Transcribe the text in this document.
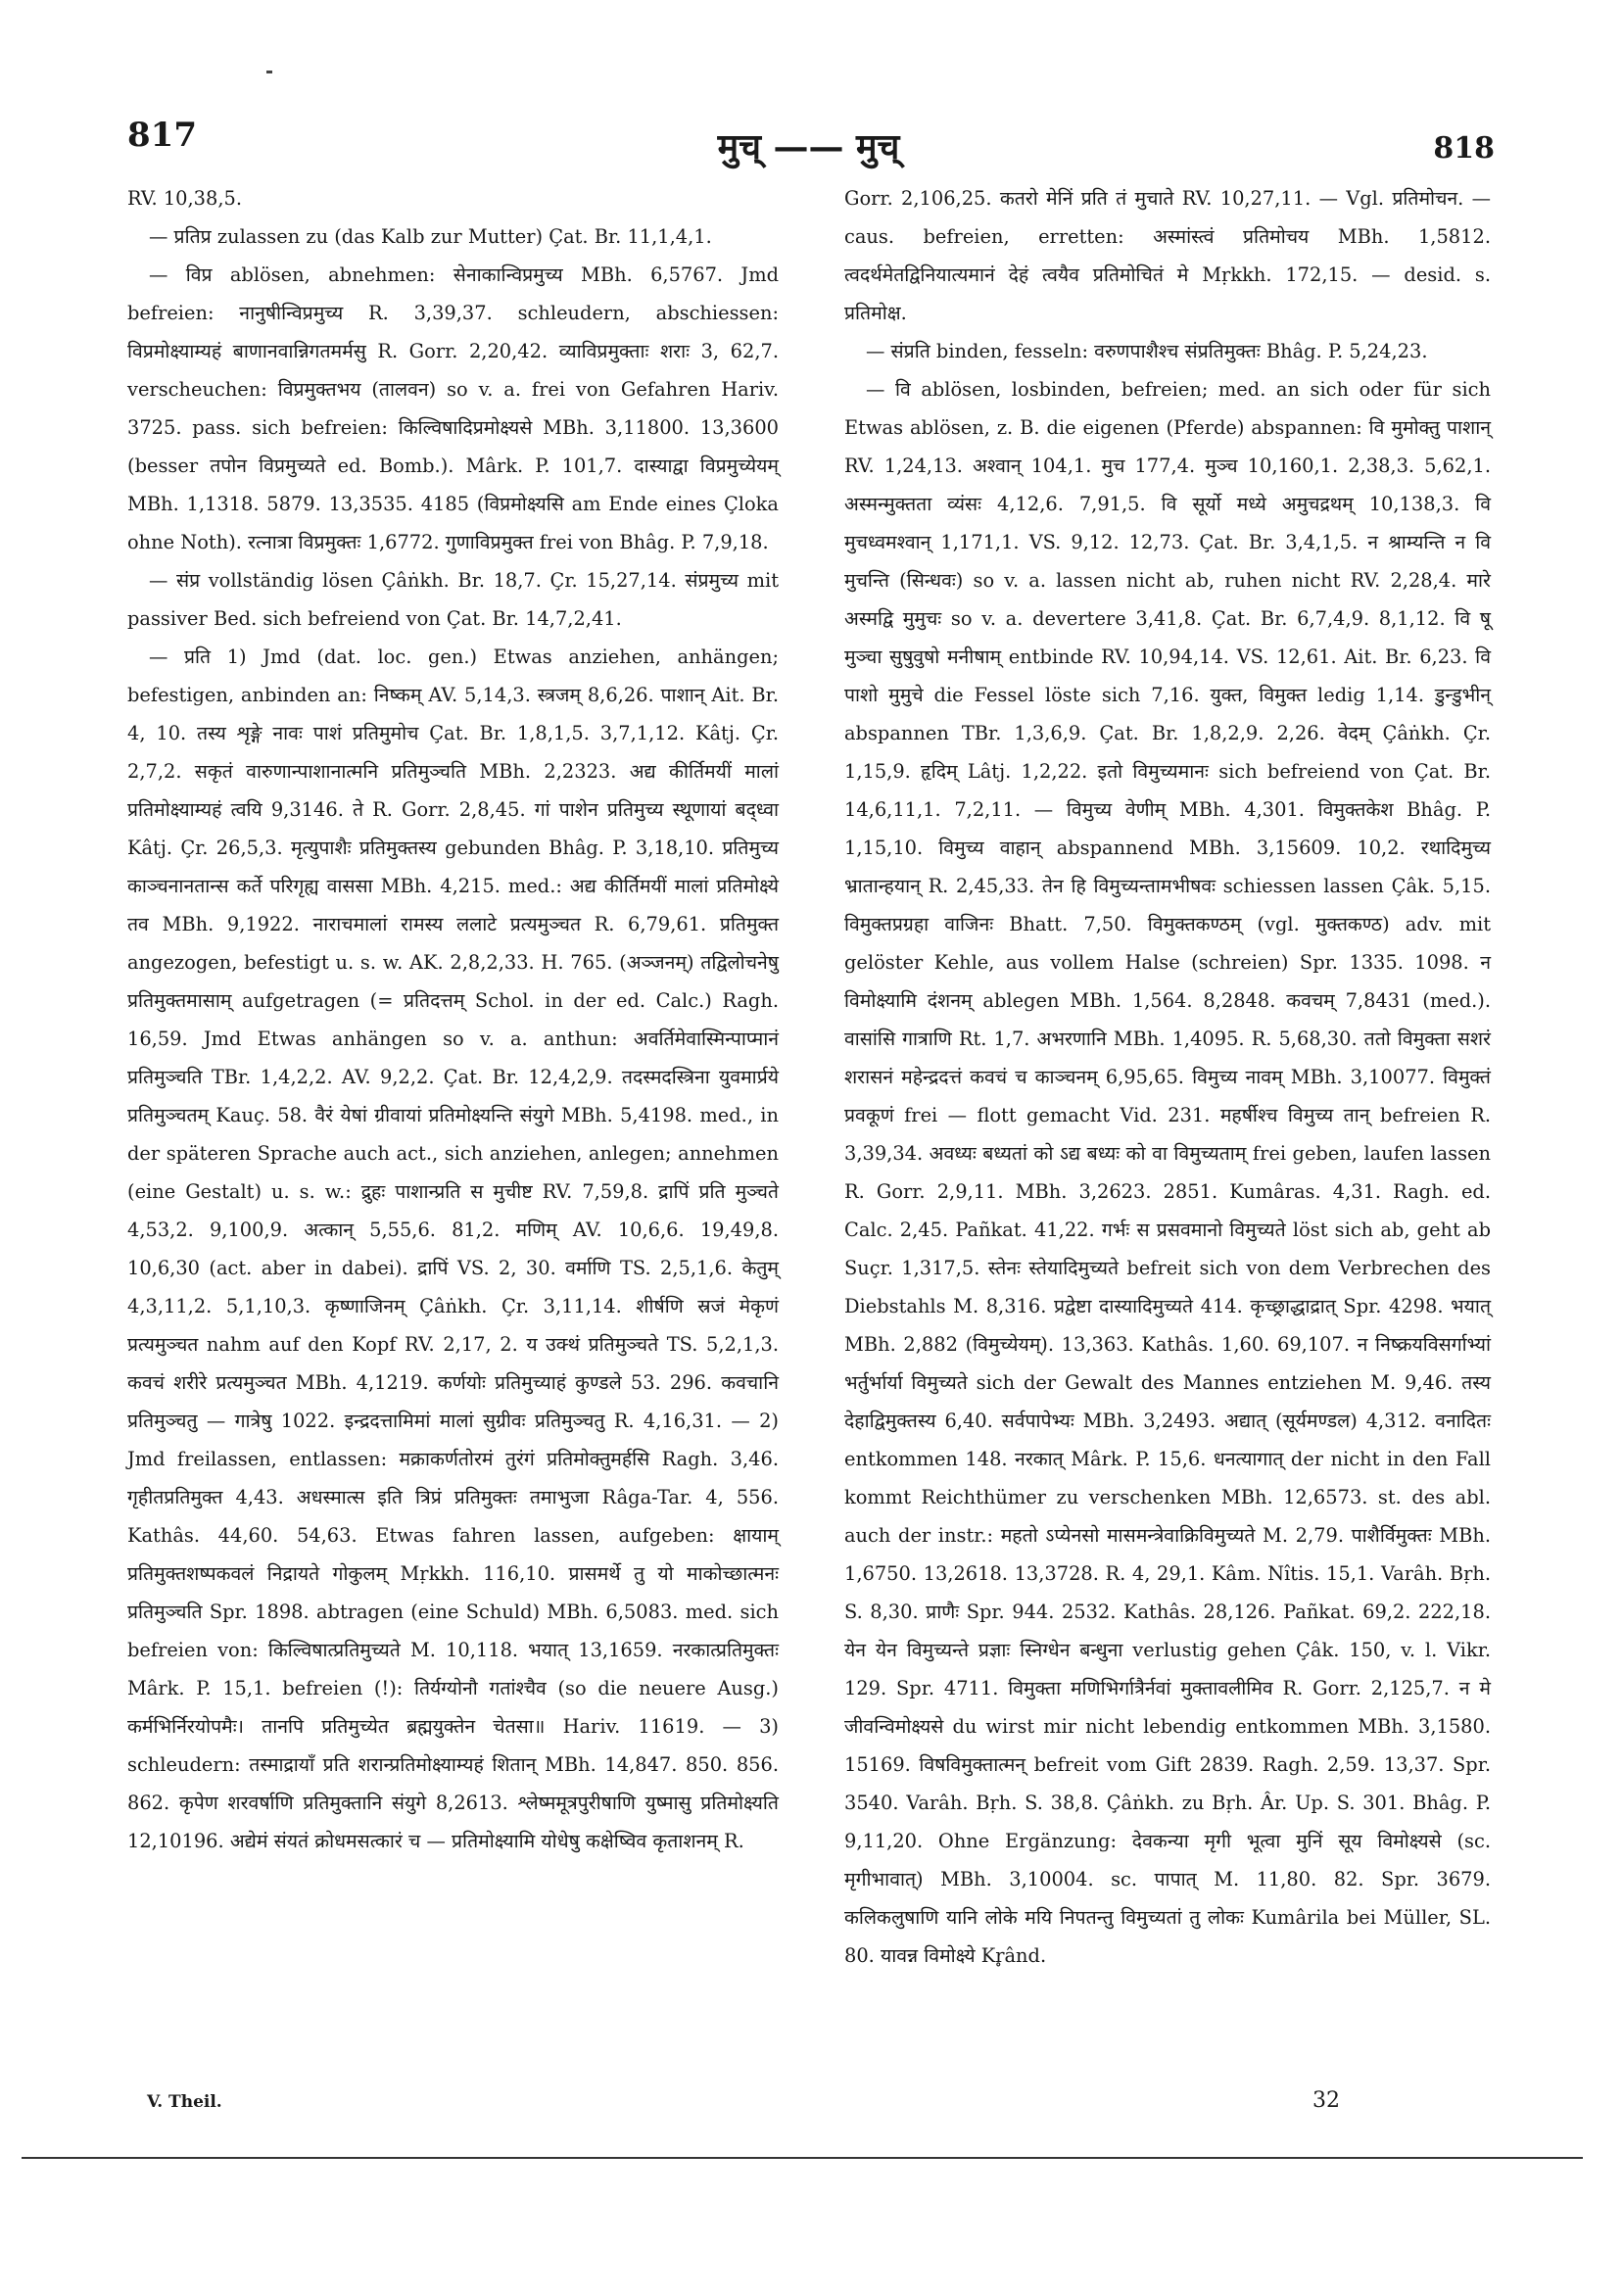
817	मुच् —— मुच्	818

RV. 10,38,5.

— प्रतिप्र zulassen zu (das Kalb zur Mutter) Çat. Br. 11,1,4,1.

— विप्र ablösen, abnehmen: सेनाकान्विप्रमुच्य MBh. 6,5767. Jmd befreien: नानुषीन्विप्रमुच्य R. 3,39,37. schleudern, abschiessen: विप्रमोक्ष्याम्यहं बाणानवान्निगतमर्मसु R. Gorr. 2,20,42. व्याविप्रमुक्ताः शराः 3, 62,7. verscheuchen: विप्रमुक्तभय (तालवन) so v. a. frei von Gefahren Hariv. 3725. pass. sich befreien: किल्विषादिप्रमोक्ष्यसे MBh. 3,11800. 13,3600 (besser तपोन विप्रमुच्यते ed. Bomb.). Mârk. P. 101,7. दास्याद्वा विप्रमुच्येयम् MBh. 1,1318. 5879. 13,3535. 4185 (विप्रमोक्ष्यसि am Ende eines Çloka ohne Noth). रत्नात्रा विप्रमुक्तः 1,6772. गुणाविप्रमुक्त frei von Bhâg. P. 7,9,18.

— संप्र vollständig lösen Çâṅkh. Br. 18,7. Çr. 15,27,14. संप्रमुच्य mit passiver Bed. sich befreiend von Çat. Br. 14,7,2,41.

— प्रति 1) Jmd (dat. loc. gen.) Etwas anziehen, anhängen; befestigen, anbinden an: निष्कम् AV. 5,14,3. स्त्रजम् 8,6,26. पाशान् Ait. Br. 4, 10. तस्य शृङ्गे नावः पाशं प्रतिमुमोच Çat. Br. 1,8,1,5. 3,7,1,12. Kâtj. Çr. 2,7,2. सकृतं वारुणान्पाशानात्मनि प्रतिमुञ्चति MBh. 2,2323. अद्य कीर्तिमयीं मालां प्रतिमोक्ष्याम्यहं त्वयि 9,3146. ते R. Gorr. 2,8,45. गां पाशेन प्रतिमुच्य स्थूणायां बद्ध्वा Kâtj. Çr. 26,5,3. मृत्युपाशैः प्रतिमुक्तस्य gebunden Bhâg. P. 3,18,10. प्रतिमुच्य काञ्चनानतान्स कर्ते परिगृह्य वाससा MBh. 4,215. med.: अद्य कीर्तिमयीं मालां प्रतिमोक्ष्ये तव MBh. 9,1922. नाराचमालां रामस्य ललाटे प्रत्यमुञ्चत R. 6,79,61. प्रतिमुक्त angezogen, befestigt u. s. w. AK. 2,8,2,33. H. 765. (अञ्जनम्) तद्विलोचनेषु प्रतिमुक्तमासाम् aufgetragen (= प्रतिदत्तम् Schol. in der ed. Calc.) Ragh. 16,59. Jmd Etwas anhängen so v. a. anthun: अवर्तिमेवास्मिन्पाप्मानं प्रतिमुञ्चति TBr. 1,4,2,2. AV. 9,2,2. Çat. Br. 12,4,2,9. तदस्मदस्त्रिना युवमार्प्रये प्रतिमुञ्चतम् Kauç. 58. वैरं येषां ग्रीवायां प्रतिमोक्ष्यन्ति संयुगे MBh. 5,4198. med., in der späteren Sprache auch act., sich anziehen, anlegen; annehmen (eine Gestalt) u. s. w.: द्रुहः पाशान्प्रति स मुचीष्ट RV. 7,59,8. द्रापिं प्रति मुञ्चते 4,53,2. 9,100,9. अत्कान् 5,55,6. 81,2. मणिम् AV. 10,6,6. 19,49,8. 10,6,30 (act. aber in dabei). द्रापिं VS. 2, 30. वर्माणि TS. 2,5,1,6. केतुम् 4,3,11,2. 5,1,10,3. कृष्णाजिनम् Çâṅkh. Çr. 3,11,14. शीर्षणि स्रजं मेकृणं प्रत्यमुञ्चत nahm auf den Kopf RV. 2,17, 2. य उक्थं प्रतिमुञ्चते TS. 5,2,1,3. कवचं शरीरे प्रत्यमुञ्चत MBh. 4,1219. कर्णयोः प्रतिमुच्याहं कुण्डले 53. 296. कवचानि प्रतिमुञ्चतु — गात्रेषु 1022. इन्द्रदत्तामिमां मालां सुग्रीवः प्रतिमुञ्चतु R. 4,16,31. — 2) Jmd freilassen, entlassen: मक्राकर्णतोरमं तुरंगं प्रतिमोक्तुमर्हसि Ragh. 3,46. गृहीतप्रतिमुक्त 4,43. अधस्मात्स इति त्रिप्रं प्रतिमुक्तः तमाभुजा Râga-Tar. 4, 556. Kathâs. 44,60. 54,63. Etwas fahren lassen, aufgeben: क्षायाम् प्रतिमुक्तशष्पकवलं निद्रायते गोकुलम् Mṛkkh. 116,10. प्रासमर्थे तु यो माकोच्छात्मनः प्रतिमुञ्चति Spr. 1898. abtragen (eine Schuld) MBh. 6,5083. med. sich befreien von: किल्विषात्प्रतिमुच्यते M. 10,118. भयात् 13,1659. नरकात्प्रतिमुक्तः Mârk. P. 15,1. befreien (!): तिर्यग्योनौ गतांश्चैव (so die neuere Ausg.) कर्मभिर्निरयोपमैः। तानपि प्रतिमुच्येत ब्रह्मयुक्तेन चेतसा॥ Hariv. 11619. — 3) schleudern: तस्माद्रायाँ प्रति शरान्प्रतिमोक्ष्याम्यहं शितान् MBh. 14,847. 850. 856. 862. कृपेण शरवर्षाणि प्रतिमुक्तानि संयुगे 8,2613. श्लेष्ममूत्रपुरीषाणि युष्मासु प्रतिमोक्ष्यति 12,10196. अद्येमं संयतं क्रोधमसत्कारं च — प्रतिमोक्ष्यामि योधेषु कक्षेष्विव कृताशनम् R.

Gorr. 2,106,25. कतरो मेनिं प्रति तं मुचाते RV. 10,27,11. — Vgl. प्रतिमोचन. — caus. befreien, erretten: अस्मांस्त्वं प्रतिमोचय MBh. 1,5812. त्वदर्थमेतद्विनियात्यमानं देहं त्वयैव प्रतिमोचितं मे Mṛkkh. 172,15. — desid. s. प्रतिमोक्ष.

— संप्रति binden, fesseln: वरुणपाशैश्च संप्रतिमुक्तः Bhâg. P. 5,24,23.

— वि ablösen, losbinden, befreien; med. an sich oder für sich Etwas ablösen, z. B. die eigenen (Pferde) abspannen: वि मुमोक्तु पाशान् RV. 1,24,13. अश्वान् 104,1. मुच 177,4. मुञ्च 10,160,1. 2,38,3. 5,62,1. अस्मन्मुक्तता व्यंसः 4,12,6. 7,91,5. वि सूर्यो मध्ये अमुचद्रथम् 10,138,3. वि मुचध्वमश्वान् 1,171,1. VS. 9,12. 12,73. Çat. Br. 3,4,1,5. न श्राम्यन्ति न वि मुचन्ति (सिन्धवः) so v. a. lassen nicht ab, ruhen nicht RV. 2,28,4. मारे अस्मद्वि मुमुचः so v. a. devertere 3,41,8. Çat. Br. 6,7,4,9. 8,1,12. वि षू मुञ्चा सुषुवुषो मनीषाम् entbinde RV. 10,94,14. VS. 12,61. Ait. Br. 6,23. वि पाशो मुमुचे die Fessel löste sich 7,16. युक्त, विमुक्त ledig 1,14. डुन्डुभीन् abspannen TBr. 1,3,6,9. Çat. Br. 1,8,2,9. 2,26. वेदम् Çâṅkh. Çr. 1,15,9. हृदिम् Lâtj. 1,2,22. इतो विमुच्यमानः sich befreiend von Çat. Br. 14,6,11,1. 7,2,11. — विमुच्य वेणीम् MBh. 4,301. विमुक्तकेश Bhâg. P. 1,15,10. विमुच्य वाहान् abspannend MBh. 3,15609. 10,2. रथादिमुच्य भ्रातान्हयान् R. 2,45,33. तेन हि विमुच्यन्तामभीषवः schiessen lassen Çâk. 5,15. विमुक्तप्रग्रहा वाजिनः Bhatt. 7,50. विमुक्तकण्ठम् (vgl. मुक्तकण्ठ) adv. mit gelöster Kehle, aus vollem Halse (schreien) Spr. 1335. 1098. न विमोक्ष्यामि दंशनम् ablegen MBh. 1,564. 8,2848. कवचम् 7,8431 (med.). वासांसि गात्राणि Rt. 1,7. अभरणानि MBh. 1,4095. R. 5,68,30. ततो विमुक्ता सशरं शरासनं महेन्द्रदत्तं कवचं च काञ्चनम् 6,95,65. विमुच्य नावम् MBh. 3,10077. विमुक्तं प्रवकूणं frei — flott gemacht Vid. 231. महर्षीश्च विमुच्य तान् befreien R. 3,39,34. अवध्यः बध्यतां को ऽद्य बध्यः को वा विमुच्यताम् frei geben, laufen lassen R. Gorr. 2,9,11. MBh. 3,2623. 2851. Kumâras. 4,31. Ragh. ed. Calc. 2,45. Pañkat. 41,22. गर्भः स प्रसवमानो विमुच्यते löst sich ab, geht ab Suçr. 1,317,5. स्तेनः स्तेयादिमुच्यते befreit sich von dem Verbrechen des Diebstahls M. 8,316. प्रद्वेष्टा दास्यादिमुच्यते 414. कृच्छ्राद्धाद्रात् Spr. 4298. भयात् MBh. 2,882 (विमुच्येयम्). 13,363. Kathâs. 1,60. 69,107. न निष्क्रयविसर्गाभ्यां भर्तुर्भार्या विमुच्यते sich der Gewalt des Mannes entziehen M. 9,46. तस्य देहाद्विमुक्तस्य 6,40. सर्वपापेभ्यः MBh. 3,2493. अद्यात् (सूर्यमण्डल) 4,312. वनादितः entkommen 148. नरकात् Mârk. P. 15,6. धनत्यागात् der nicht in den Fall kommt Reichthümer zu verschenken MBh. 12,6573. st. des abl. auch der instr.: महतो ऽप्येनसो मासमन्त्रेवाक्रिविमुच्यते M. 2,79. पाशैर्विमुक्तः MBh. 1,6750. 13,2618. 13,3728. R. 4, 29,1. Kâm. Nîtis. 15,1. Varâh. Bṛh. S. 8,30. प्राणैः Spr. 944. 2532. Kathâs. 28,126. Pañkat. 69,2. 222,18. येन येन विमुच्यन्ते प्रज्ञाः स्निग्धेन बन्धुना verlustig gehen Çâk. 150, v. l. Vikr. 129. Spr. 4711. विमुक्ता मणिभिर्गात्रैर्नवां मुक्तावलीमिव R. Gorr. 2,125,7. न मे जीवन्विमोक्ष्यसे du wirst mir nicht lebendig entkommen MBh. 3,1580. 15169. विषविमुक्तात्मन् befreit vom Gift 2839. Ragh. 2,59. 13,37. Spr. 3540. Varâh. Bṛh. S. 38,8. Çâṅkh. zu Bṛh. Âr. Up. S. 301. Bhâg. P. 9,11,20. Ohne Ergänzung: देवकन्या मृगी भूत्वा मुनिं सूय विमोक्ष्यसे (sc. मृगीभावात्) MBh. 3,10004. sc. पापात् M. 11,80. 82. Spr. 3679. कलिकलुषाणि यानि लोके मयि निपतन्तु विमुच्यतां तु लोकः Kumârila bei Müller, SL. 80. यावन्न विमोक्ष्ये Kr̥ând.

V. Theil.	32
